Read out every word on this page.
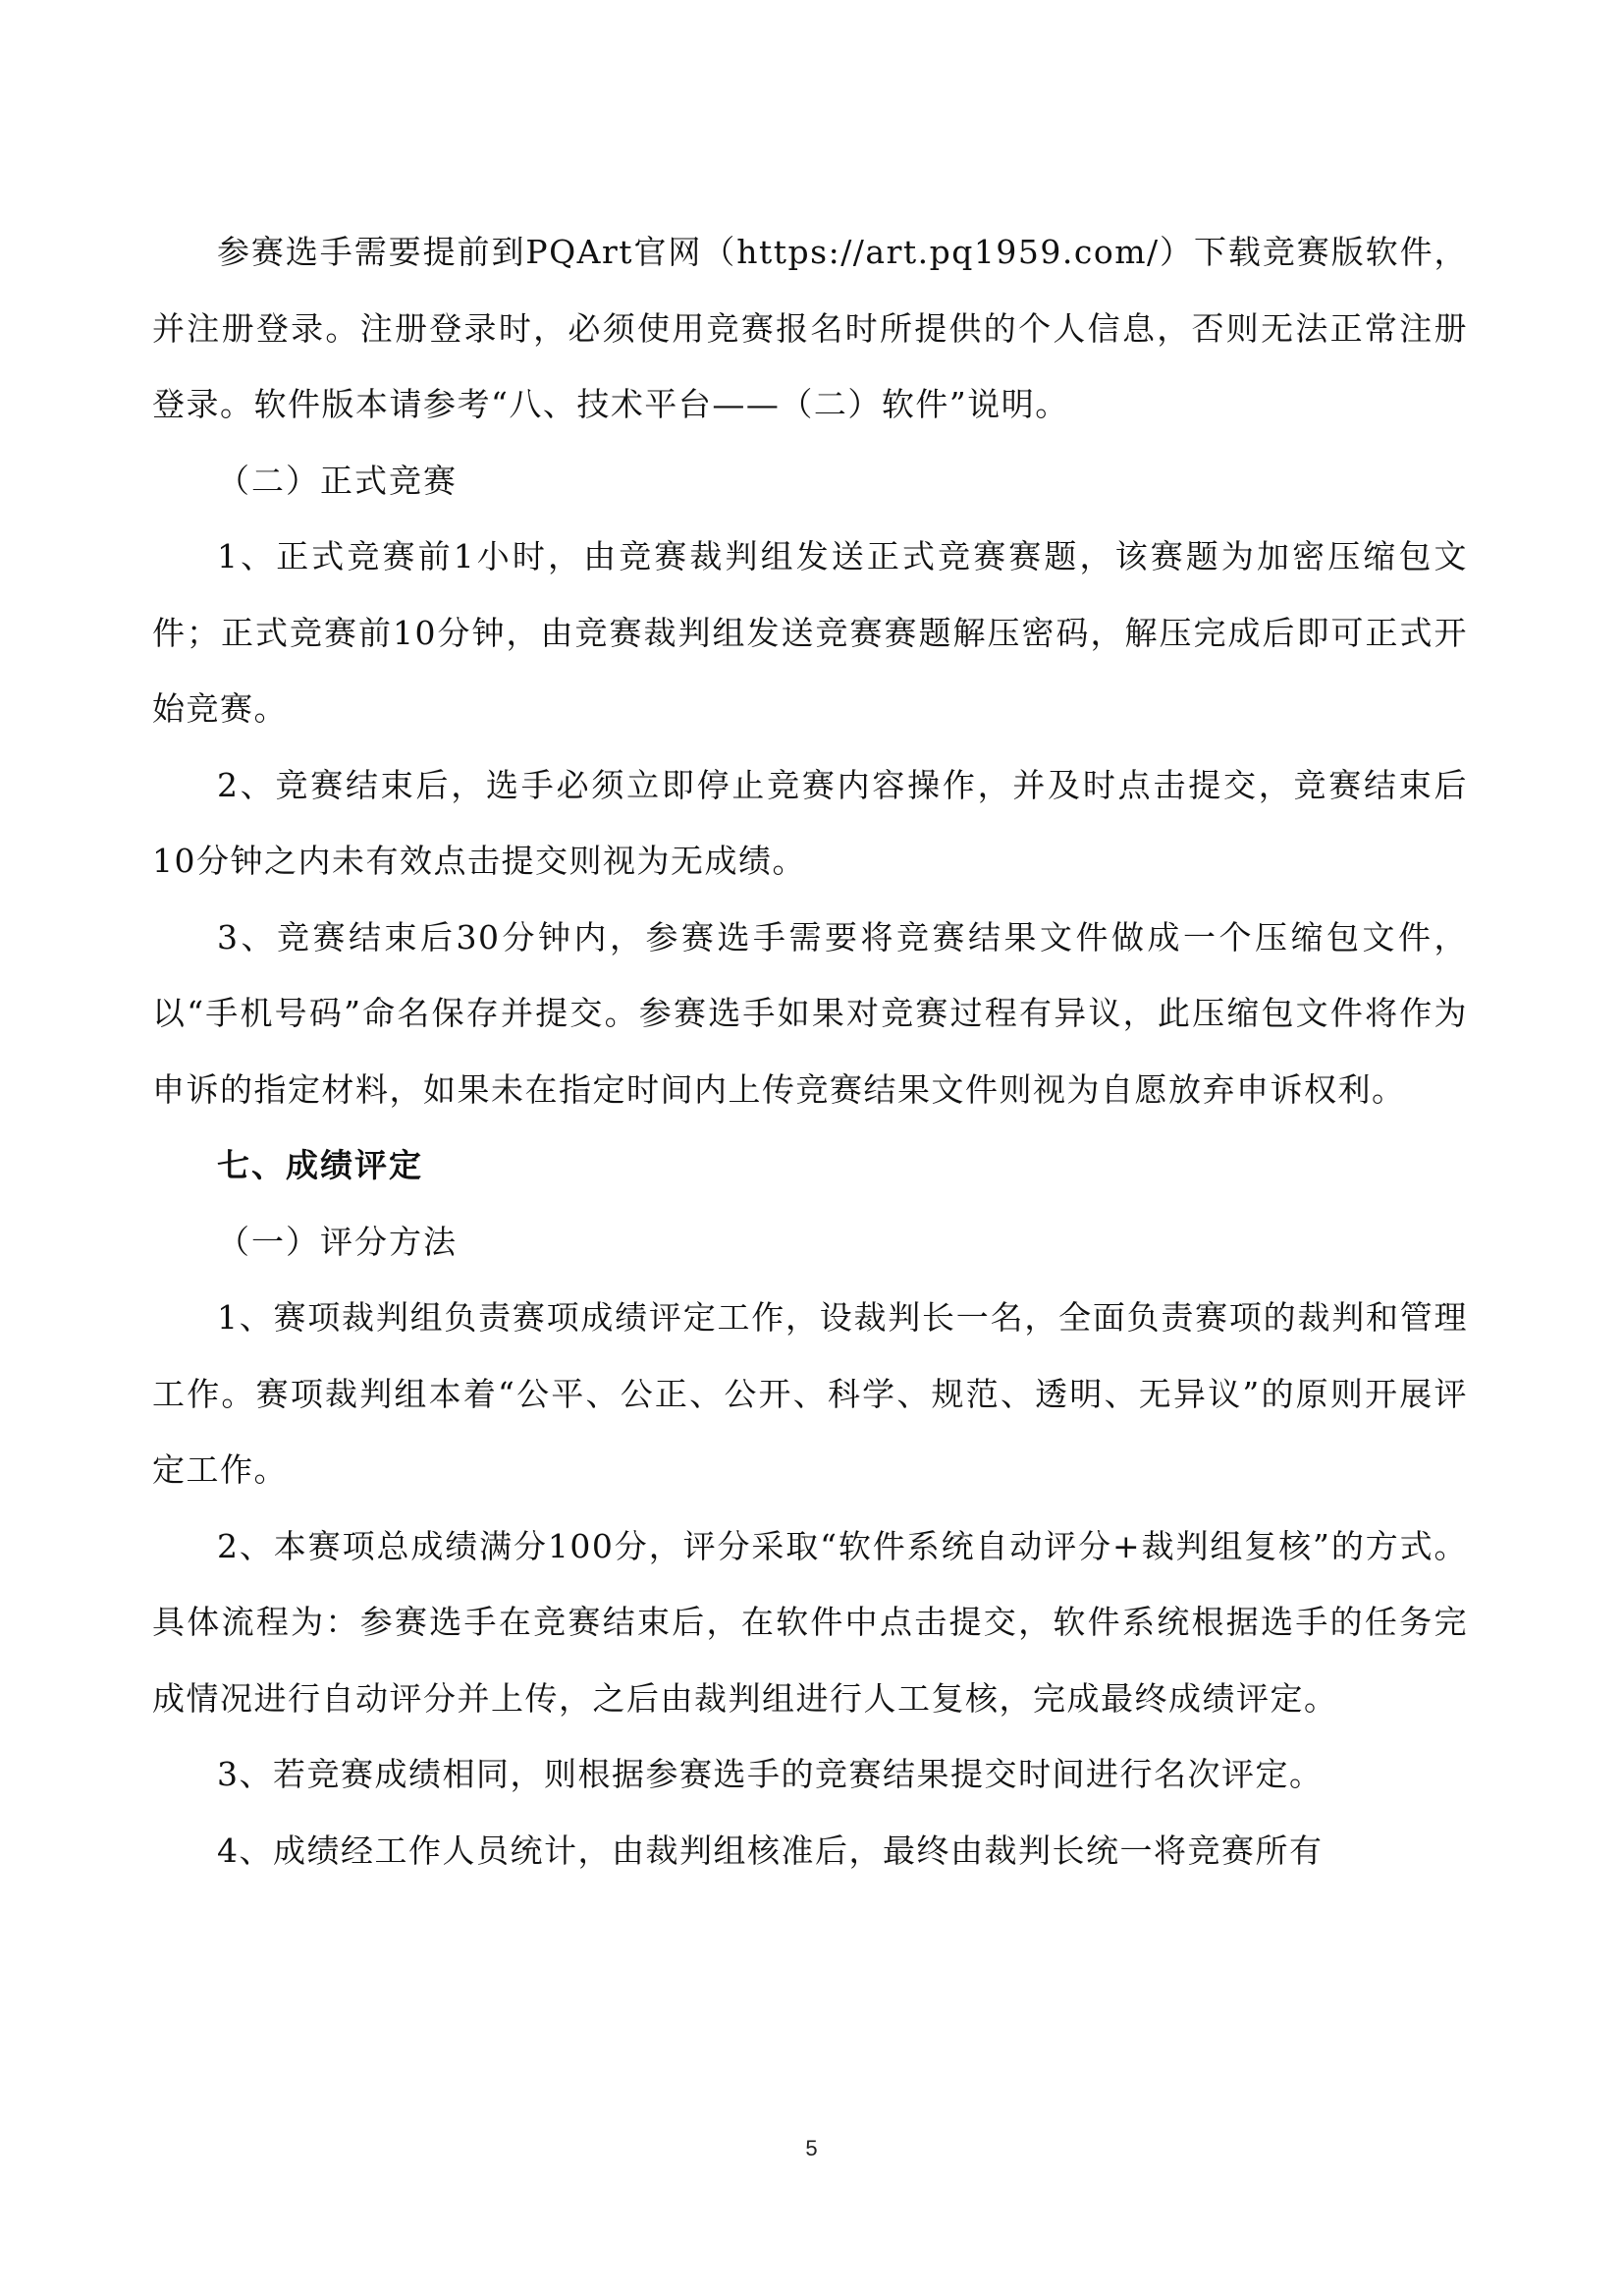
参赛选手需要提前到PQArt官网（https://art.pq1959.com/）下载竞赛版软件，并注册登录。注册登录时，必须使用竞赛报名时所提供的个人信息，否则无法正常注册登录。软件版本请参考“八、技术平台——（二）软件”说明。

（二）正式竞赛

1、正式竞赛前1小时，由竞赛裁判组发送正式竞赛赛题，该赛题为加密压缩包文件；正式竞赛前10分钟，由竞赛裁判组发送竞赛赛题解压密码，解压完成后即可正式开始竞赛。

2、竞赛结束后，选手必须立即停止竞赛内容操作，并及时点击提交，竞赛结束后10分钟之内未有效点击提交则视为无成绩。

3、竞赛结束后30分钟内，参赛选手需要将竞赛结果文件做成一个压缩包文件，以“手机号码”命名保存并提交。参赛选手如果对竞赛过程有异议，此压缩包文件将作为申诉的指定材料，如果未在指定时间内上传竞赛结果文件则视为自愿放弃申诉权利。

七、成绩评定

（一）评分方法

1、赛项裁判组负责赛项成绩评定工作，设裁判长一名，全面负责赛项的裁判和管理工作。赛项裁判组本着“公平、公正、公开、科学、规范、透明、无异议”的原则开展评定工作。

2、本赛项总成绩满分100分，评分采取“软件系统自动评分+裁判组复核”的方式。具体流程为：参赛选手在竞赛结束后，在软件中点击提交，软件系统根据选手的任务完成情况进行自动评分并上传，之后由裁判组进行人工复核，完成最终成绩评定。

3、若竞赛成绩相同，则根据参赛选手的竞赛结果提交时间进行名次评定。

4、成绩经工作人员统计，由裁判组核准后，最终由裁判长统一将竞赛所有

5
